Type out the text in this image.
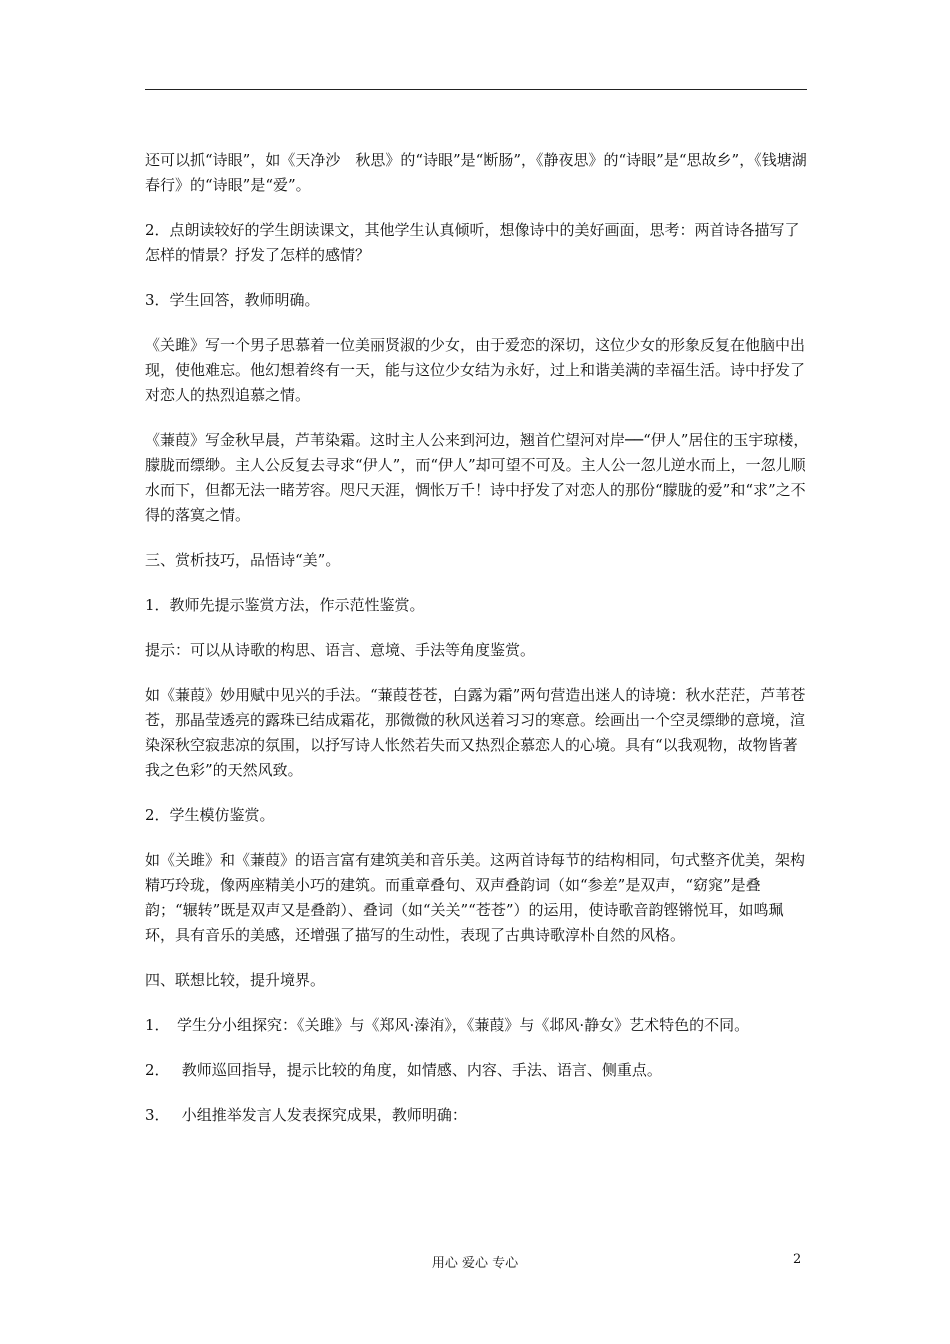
还可以抓“诗眼”，如《天净沙　秋思》的“诗眼”是“断肠”，《静夜思》的“诗眼”是“思故乡”，《钱塘湖春行》的“诗眼”是“爱”。

2．点朗读较好的学生朗读课文，其他学生认真倾听，想像诗中的美好画面，思考：两首诗各描写了怎样的情景？抒发了怎样的感情？

3．学生回答，教师明确。

《关雎》写一个男子思慕着一位美丽贤淑的少女，由于爱恋的深切，这位少女的形象反复在他脑中出现，使他难忘。他幻想着终有一天，能与这位少女结为永好，过上和谐美满的幸福生活。诗中抒发了对恋人的热烈追慕之情。

《蒹葭》写金秋早晨，芦苇染霜。这时主人公来到河边，翘首伫望河对岸──“伊人”居住的玉宇琼楼，朦胧而缥缈。主人公反复去寻求“伊人”，而“伊人”却可望不可及。主人公一忽儿逆水而上，一忽儿顺水而下，但都无法一睹芳容。咫尺天涯，惆怅万千！诗中抒发了对恋人的那份“朦胧的爱”和“求”之不得的落寞之情。

三、赏析技巧，品悟诗“美”。

1．教师先提示鉴赏方法，作示范性鉴赏。

提示：可以从诗歌的构思、语言、意境、手法等角度鉴赏。

如《蒹葭》妙用赋中见兴的手法。“蒹葭苍苍，白露为霜”两句营造出迷人的诗境：秋水茫茫，芦苇苍苍，那晶莹透亮的露珠已结成霜花，那微微的秋风送着习习的寒意。绘画出一个空灵缥缈的意境，渲染深秋空寂悲凉的氛围，以抒写诗人怅然若失而又热烈企慕恋人的心境。具有“以我观物，故物皆著我之色彩”的天然风致。

2．学生模仿鉴赏。

如《关雎》和《蒹葭》的语言富有建筑美和音乐美。这两首诗每节的结构相同，句式整齐优美，架构精巧玲珑，像两座精美小巧的建筑。而重章叠句、双声叠韵词（如“参差”是双声，“窈窕”是叠韵；“辗转”既是双声又是叠韵）、叠词（如“关关”“苍苍”）的运用，使诗歌音韵铿锵悦耳，如鸣珮环，具有音乐的美感，还增强了描写的生动性，表现了古典诗歌淳朴自然的风格。

四、联想比较，提升境界。

1．　学生分小组探究：《关雎》与《郑风·溱洧》，《蒹葭》与《邶风·静女》艺术特色的不同。

2．　 教师巡回指导，提示比较的角度，如情感、内容、手法、语言、侧重点。

3．　 小组推举发言人发表探究成果，教师明确：

用心 爱心 专心	2
